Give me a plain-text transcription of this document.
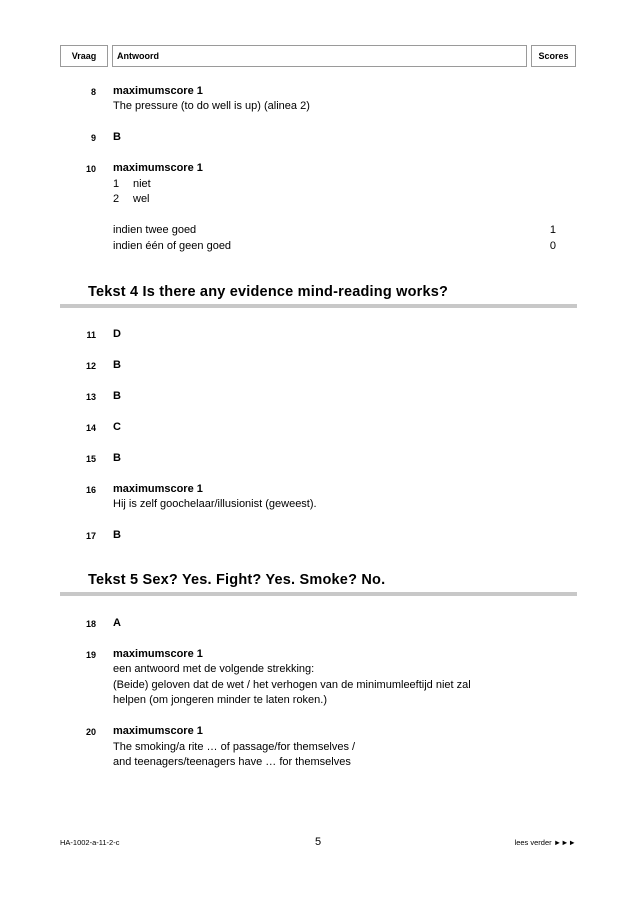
Vraag	Antwoord	Scores
8 maximumscore 1
The pressure (to do well is up) (alinea 2)
9 B
10 maximumscore 1
1 niet
2 wel
indien twee goed	1
indien één of geen goed	0
Tekst 4 Is there any evidence mind-reading works?
11 D
12 B
13 B
14 C
15 B
16 maximumscore 1
Hij is zelf goochelaar/illusionist (geweest).
17 B
Tekst 5 Sex? Yes. Fight? Yes. Smoke? No.
18 A
19 maximumscore 1
een antwoord met de volgende strekking:
(Beide) geloven dat de wet / het verhogen van de minimumleeftijd niet zal
helpen (om jongeren minder te laten roken.)
20 maximumscore 1
The smoking/a rite … of passage/for themselves /
and teenagers/teenagers have … for themselves
HA-1002-a-11-2-c	5	lees verder ►►►
